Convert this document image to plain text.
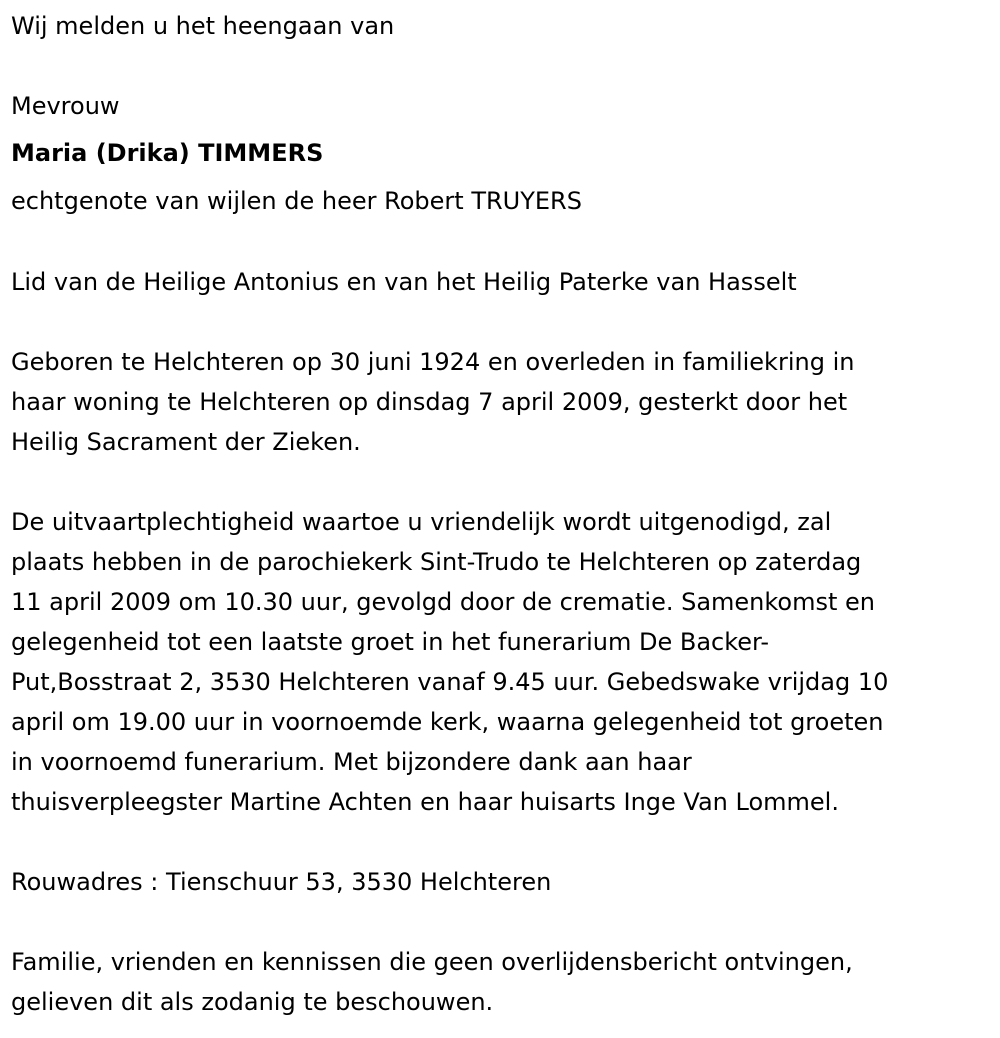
Wij melden u het heengaan van
Mevrouw
Maria (Drika) TIMMERS
echtgenote van wijlen de heer Robert TRUYERS
Lid van de Heilige Antonius en van het Heilig Paterke van Hasselt
Geboren te Helchteren op 30 juni 1924 en overleden in familiekring in
haar woning te Helchteren op dinsdag 7 april 2009, gesterkt door het
Heilig Sacrament der Zieken.
De uitvaartplechtigheid waartoe u vriendelijk wordt uitgenodigd, zal
plaats hebben in de parochiekerk Sint-Trudo te Helchteren op zaterdag
11 april 2009 om 10.30 uur, gevolgd door de crematie. Samenkomst en
gelegenheid tot een laatste groet in het funerarium De Backer-
Put,Bosstraat 2, 3530 Helchteren vanaf 9.45 uur. Gebedswake vrijdag 10
april om 19.00 uur in voornoemde kerk, waarna gelegenheid tot groeten
in voornoemd funerarium. Met bijzondere dank aan haar
thuisverpleegster Martine Achten en haar huisarts Inge Van Lommel.
Rouwadres : Tienschuur 53, 3530 Helchteren
Familie, vrienden en kennissen die geen overlijdensbericht ontvingen,
gelieven dit als zodanig te beschouwen.
